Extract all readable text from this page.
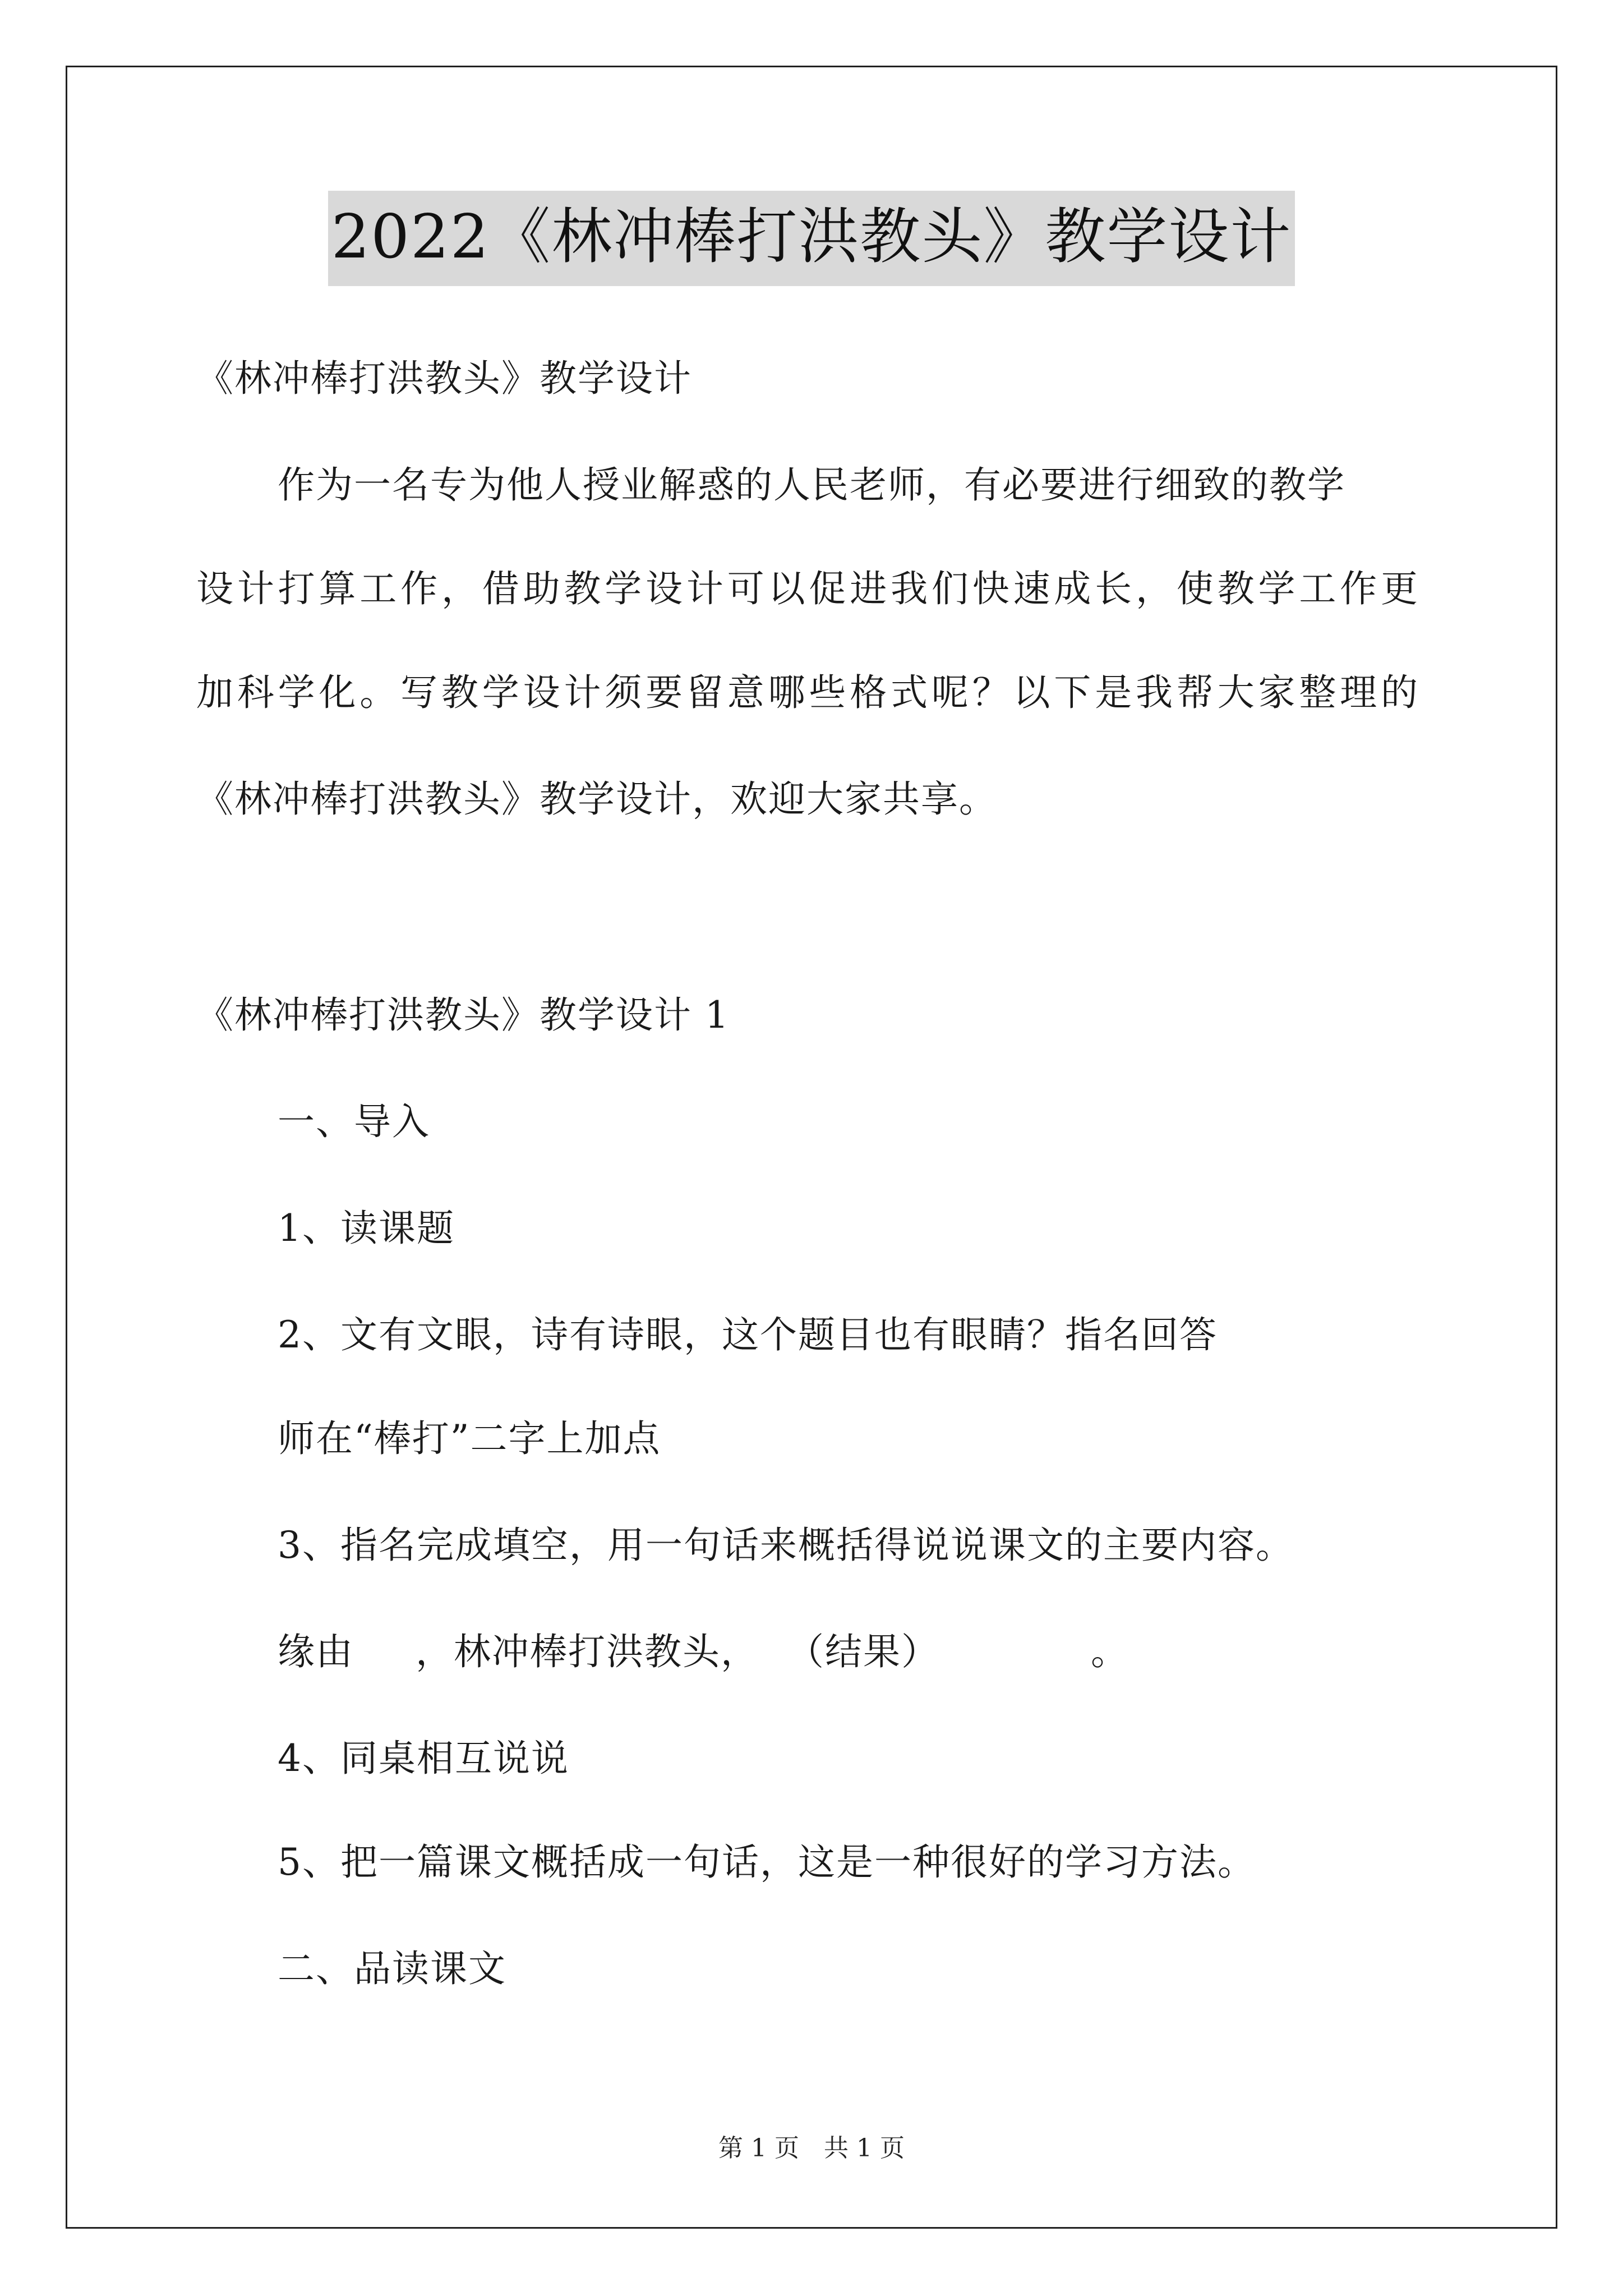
2022《林冲棒打洪教头》教学设计
《林冲棒打洪教头》教学设计
作为一名专为他人授业解惑的人民老师，有必要进行细致的教学
设计打算工作，借助教学设计可以促进我们快速成长，使教学工作更
加科学化。写教学设计须要留意哪些格式呢？以下是我帮大家整理的
《林冲棒打洪教头》教学设计，欢迎大家共享。
《林冲棒打洪教头》教学设计 1
一、导入
1、读课题
2、文有文眼，诗有诗眼，这个题目也有眼睛？指名回答
师在“棒打”二字上加点
3、指名完成填空，用一句话来概括得说说课文的主要内容。
缘由 ，林冲棒打洪教头， （结果）	。
4、同桌相互说说
5、把一篇课文概括成一句话，这是一种很好的学习方法。
二、品读课文
第 1 页　共 1 页
